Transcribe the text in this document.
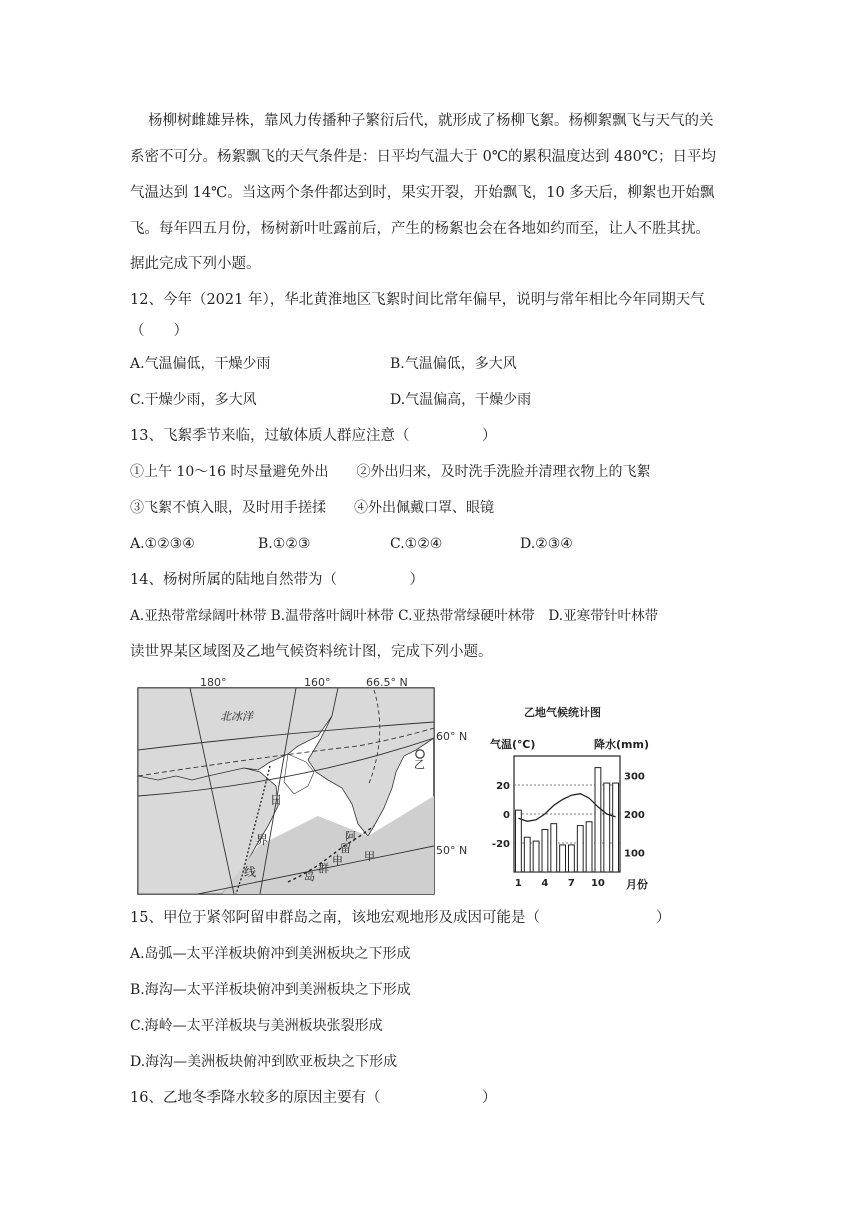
杨柳树雌雄异株，靠风力传播种子繁衍后代，就形成了杨柳飞絮。杨柳絮飘飞与天气的关
系密不可分。杨絮飘飞的天气条件是：日平均气温大于 0℃的累积温度达到 480℃；日平均
气温达到 14℃。当这两个条件都达到时，果实开裂，开始飘飞，10 多天后，柳絮也开始飘
飞。每年四五月份，杨树新叶吐露前后，产生的杨絮也会在各地如约而至，让人不胜其扰。
据此完成下列小题。
12、今年（2021 年），华北黄淮地区飞絮时间比常年偏早，说明与常年相比今年同期天气
（　　）
A.气温偏低，干燥少雨	B.气温偏低，多大风
C.干燥少雨，多大风	D.气温偏高，干燥少雨
13、飞絮季节来临，过敏体质人群应注意（　　　　　）
①上午 10～16 时尽量避免外出　　②外出归来，及时洗手洗脸并清理衣物上的飞絮
③飞絮不慎入眼，及时用手搓揉　　④外出佩戴口罩、眼镜
A.①②③④	B.①②③	C.①②④	D.②③④
14、杨树所属的陆地自然带为（　　　　　）
A.亚热带常绿阔叶林带 B.温带落叶阔叶林带 C.亚热带常绿硬叶林带　D.亚寒带针叶林带
读世界某区域图及乙地气候资料统计图，完成下列小题。
180°	160°	66.5° N
60° N
50° N
北冰洋
乙
甲
日
界
线
阿
留
申
群
岛
乙地气候统计图
气温(℃)	降水(mm)
20
0
-20
300
200
100
1 4 7 10 月份
15、甲位于紧邻阿留申群岛之南，该地宏观地形及成因可能是（　　　　　　　　）
A.岛弧—太平洋板块俯冲到美洲板块之下形成
B.海沟—太平洋板块俯冲到美洲板块之下形成
C.海岭—太平洋板块与美洲板块张裂形成
D.海沟—美洲板块俯冲到欧亚板块之下形成
16、乙地冬季降水较多的原因主要有（　　　　　　　）
